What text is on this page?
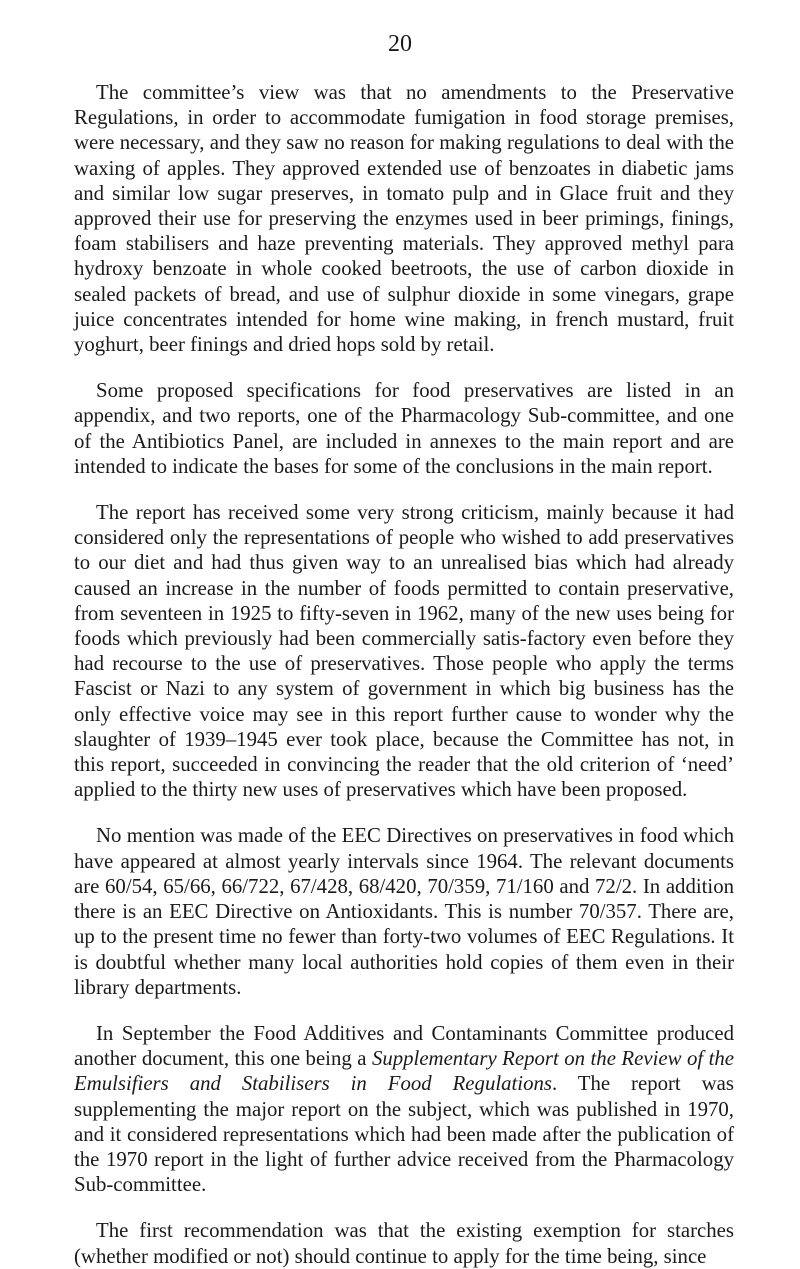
20

The committee’s view was that no amendments to the Preservative Regulations, in order to accommodate fumigation in food storage premises, were necessary, and they saw no reason for making regulations to deal with the waxing of apples. They approved extended use of benzoates in diabetic jams and similar low sugar preserves, in tomato pulp and in Glace fruit and they approved their use for preserving the enzymes used in beer primings, finings, foam stabilisers and haze preventing materials. They approved methyl para hydroxy benzoate in whole cooked beetroots, the use of carbon dioxide in sealed packets of bread, and use of sulphur dioxide in some vinegars, grape juice concentrates intended for home wine making, in french mustard, fruit yoghurt, beer finings and dried hops sold by retail.

Some proposed specifications for food preservatives are listed in an appendix, and two reports, one of the Pharmacology Sub-committee, and one of the Antibiotics Panel, are included in annexes to the main report and are intended to indicate the bases for some of the conclusions in the main report.

The report has received some very strong criticism, mainly because it had considered only the representations of people who wished to add preservatives to our diet and had thus given way to an unrealised bias which had already caused an increase in the number of foods permitted to contain preservative, from seventeen in 1925 to fifty-seven in 1962, many of the new uses being for foods which previously had been commercially satis-factory even before they had recourse to the use of preservatives. Those people who apply the terms Fascist or Nazi to any system of government in which big business has the only effective voice may see in this report further cause to wonder why the slaughter of 1939–1945 ever took place, because the Committee has not, in this report, succeeded in convincing the reader that the old criterion of ‘need’ applied to the thirty new uses of preservatives which have been proposed.

No mention was made of the EEC Directives on preservatives in food which have appeared at almost yearly intervals since 1964. The relevant documents are 60/54, 65/66, 66/722, 67/428, 68/420, 70/359, 71/160 and 72/2. In addition there is an EEC Directive on Antioxidants. This is number 70/357. There are, up to the present time no fewer than forty-two volumes of EEC Regulations. It is doubtful whether many local authorities hold copies of them even in their library departments.

In September the Food Additives and Contaminants Committee produced another document, this one being a Supplementary Report on the Review of the Emulsifiers and Stabilisers in Food Regulations. The report was supplementing the major report on the subject, which was published in 1970, and it considered representations which had been made after the publication of the 1970 report in the light of further advice received from the Pharmacology Sub-committee.

The first recommendation was that the existing exemption for starches (whether modified or not) should continue to apply for the time being, since
